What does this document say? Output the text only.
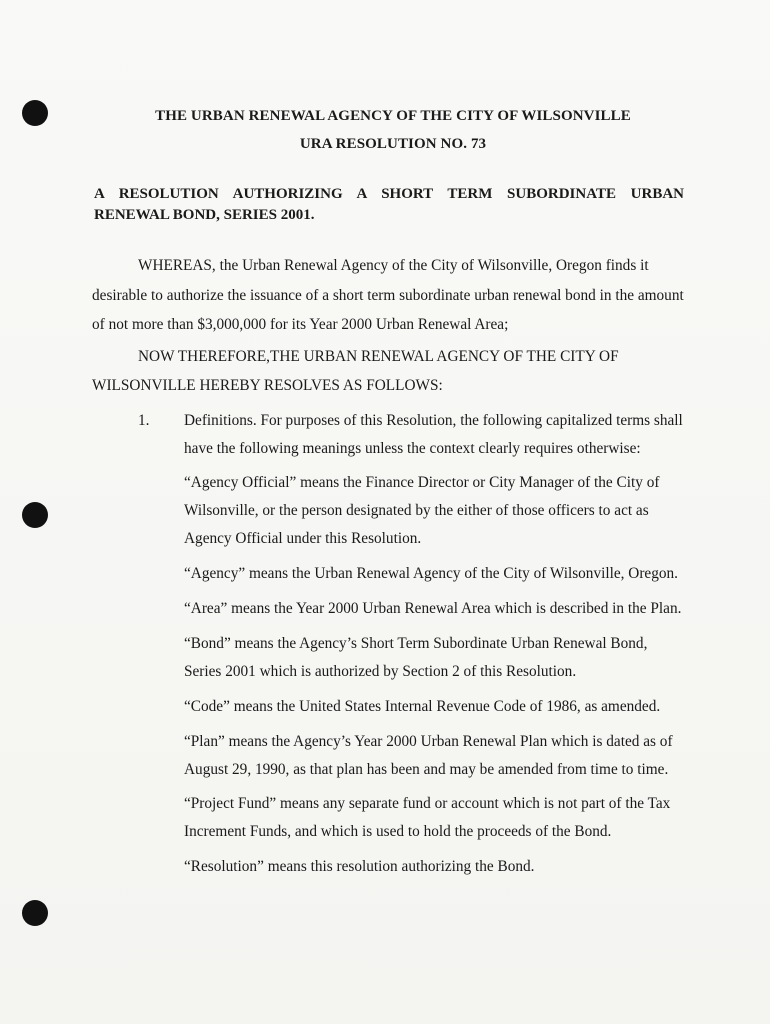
THE URBAN RENEWAL AGENCY OF THE CITY OF WILSONVILLE
URA RESOLUTION NO. 73
A RESOLUTION AUTHORIZING A SHORT TERM SUBORDINATE URBAN
RENEWAL BOND, SERIES 2001.
WHEREAS, the Urban Renewal Agency of the City of Wilsonville, Oregon finds it
desirable to authorize the issuance of a short term subordinate urban renewal bond in the amount
of not more than $3,000,000 for its Year 2000 Urban Renewal Area;
NOW THEREFORE,THE URBAN RENEWAL AGENCY OF THE CITY OF
WILSONVILLE HEREBY RESOLVES AS FOLLOWS:
1. Definitions. For purposes of this Resolution, the following capitalized terms shall
have the following meanings unless the context clearly requires otherwise:
“Agency Official” means the Finance Director or City Manager of the City of
Wilsonville, or the person designated by the either of those officers to act as
Agency Official under this Resolution.
“Agency” means the Urban Renewal Agency of the City of Wilsonville, Oregon.
“Area” means the Year 2000 Urban Renewal Area which is described in the Plan.
“Bond” means the Agency’s Short Term Subordinate Urban Renewal Bond,
Series 2001 which is authorized by Section 2 of this Resolution.
“Code” means the United States Internal Revenue Code of 1986, as amended.
“Plan” means the Agency’s Year 2000 Urban Renewal Plan which is dated as of
August 29, 1990, as that plan has been and may be amended from time to time.
“Project Fund” means any separate fund or account which is not part of the Tax
Increment Funds, and which is used to hold the proceeds of the Bond.
“Resolution” means this resolution authorizing the Bond.
